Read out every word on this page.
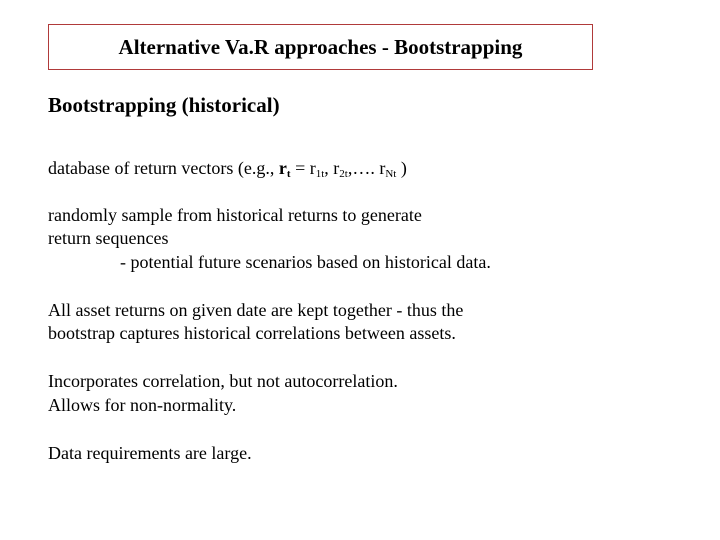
Alternative Va.R approaches - Bootstrapping
Bootstrapping (historical)
database of return vectors (e.g., $r_t = r_{1t}$, $r_{2t},\dots$. $r_{Nt}$ )
randomly sample from historical returns to generate
return sequences
- potential future scenarios based on historical data.
All asset returns on given date are kept together - thus the
bootstrap captures historical correlations between assets.
Incorporates correlation, but not autocorrelation.
Allows for non-normality.
Data requirements are large.
